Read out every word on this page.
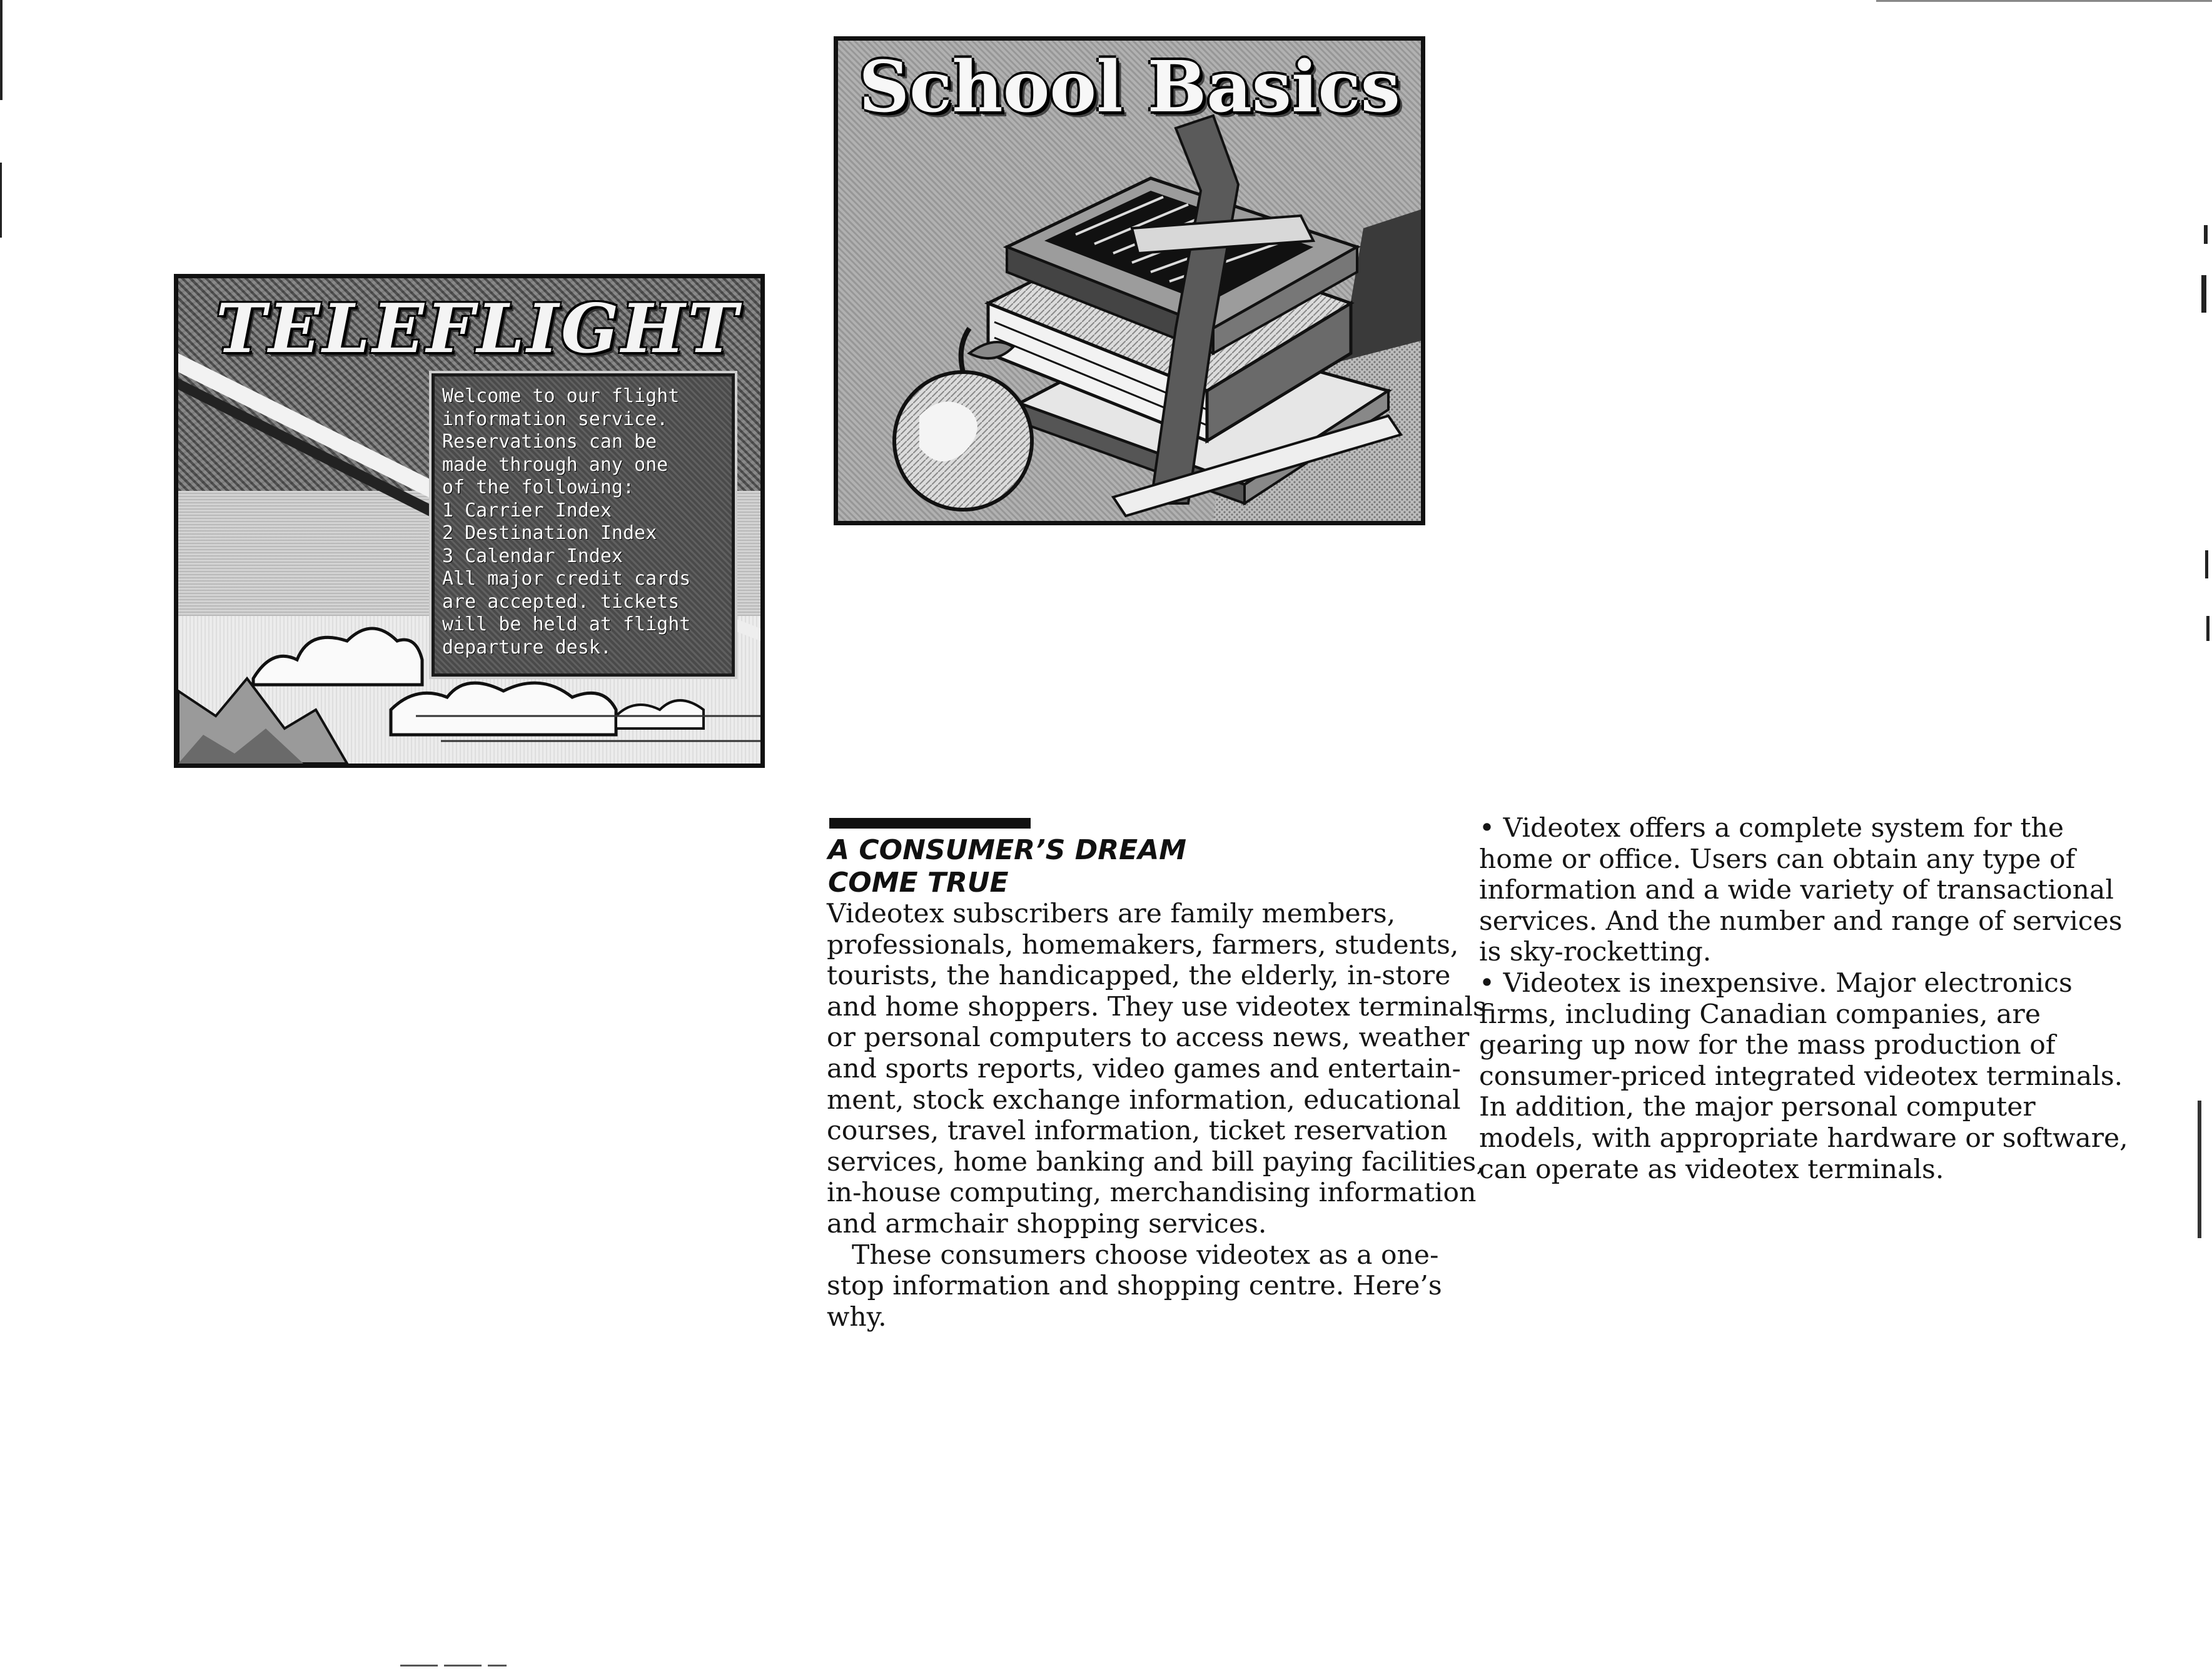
TELEFLIGHT
Welcome to our flight
information service.
Reservations can be
made through any one
of the following:
1 Carrier Index
2 Destination Index
3 Calendar Index
All major credit cards
are accepted. tickets
will be held at flight
departure desk.
School Basics
A CONSUMER’S DREAM
COME TRUE
Videotex subscribers are family members,
professionals, homemakers, farmers, students,
tourists, the handicapped, the elderly, in-store
and home shoppers. They use videotex terminals
or personal computers to access news, weather
and sports reports, video games and entertain-
ment, stock exchange information, educational
courses, travel information, ticket reservation
services, home banking and bill paying facilities,
in-house computing, merchandising information
and armchair shopping services.
These consumers choose videotex as a one-
stop information and shopping centre. Here’s
why.
• Videotex offers a complete system for the
home or office. Users can obtain any type of
information and a wide variety of transactional
services. And the number and range of services
is sky-rocketting.
• Videotex is inexpensive. Major electronics
firms, including Canadian companies, are
gearing up now for the mass production of
consumer-priced integrated videotex terminals.
In addition, the major personal computer
models, with appropriate hardware or software,
can operate as videotex terminals.
